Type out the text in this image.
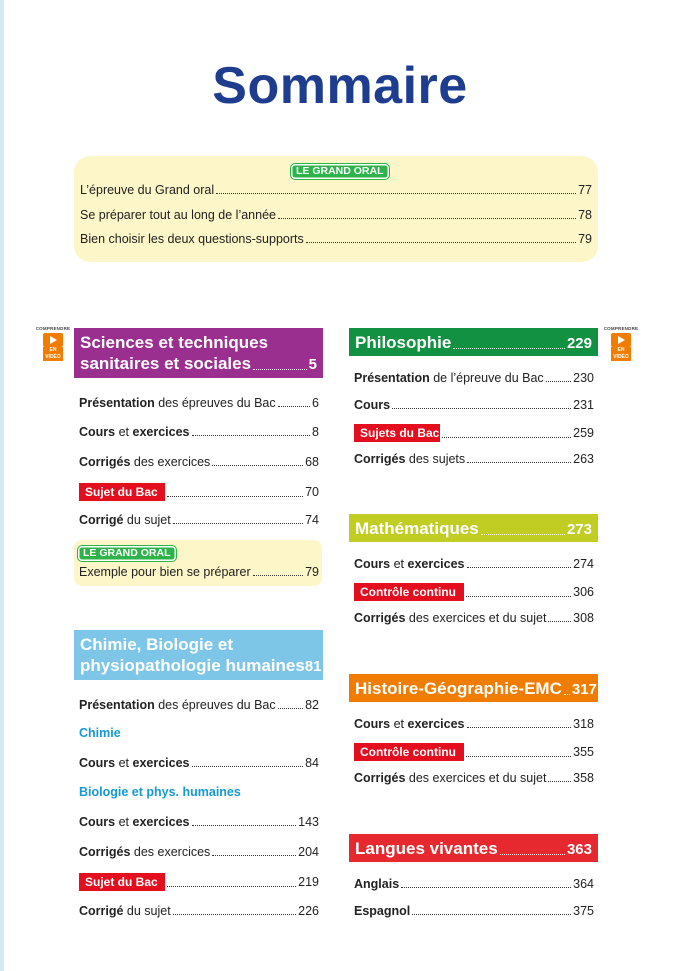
Sommaire
LE GRAND ORAL
L’épreuve du Grand oral	77
Se préparer tout au long de l’année	78
Bien choisir les deux questions-supports	79
COMPRENDRE
EN VIDÉO
COMPRENDRE
EN VIDÉO
Sciences et techniques
sanitaires et sociales	5
Présentation des épreuves du Bac	6
Cours et exercices	8
Corrigés des exercices	68
Sujet du Bac	70
Corrigé du sujet	74
LE GRAND ORAL
Exemple pour bien se préparer	79
Chimie, Biologie et
physiopathologie humaines 81
Présentation des épreuves du Bac 82
Chimie
Cours et exercices	84
Biologie et phys. humaines
Cours et exercices	143
Corrigés des exercices	204
Sujet du Bac	219
Corrigé du sujet	226
Philosophie	229
Présentation de l’épreuve du Bac 230
Cours	231
Sujets du Bac	259
Corrigés des sujets	263
Mathématiques	273
Cours et exercices	274
Contrôle continu	306
Corrigés des exercices et du sujet 308
Histoire-Géographie-EMC 317
Cours et exercices	318
Contrôle continu	355
Corrigés des exercices et du sujet 358
Langues vivantes	363
Anglais	364
Espagnol	375
